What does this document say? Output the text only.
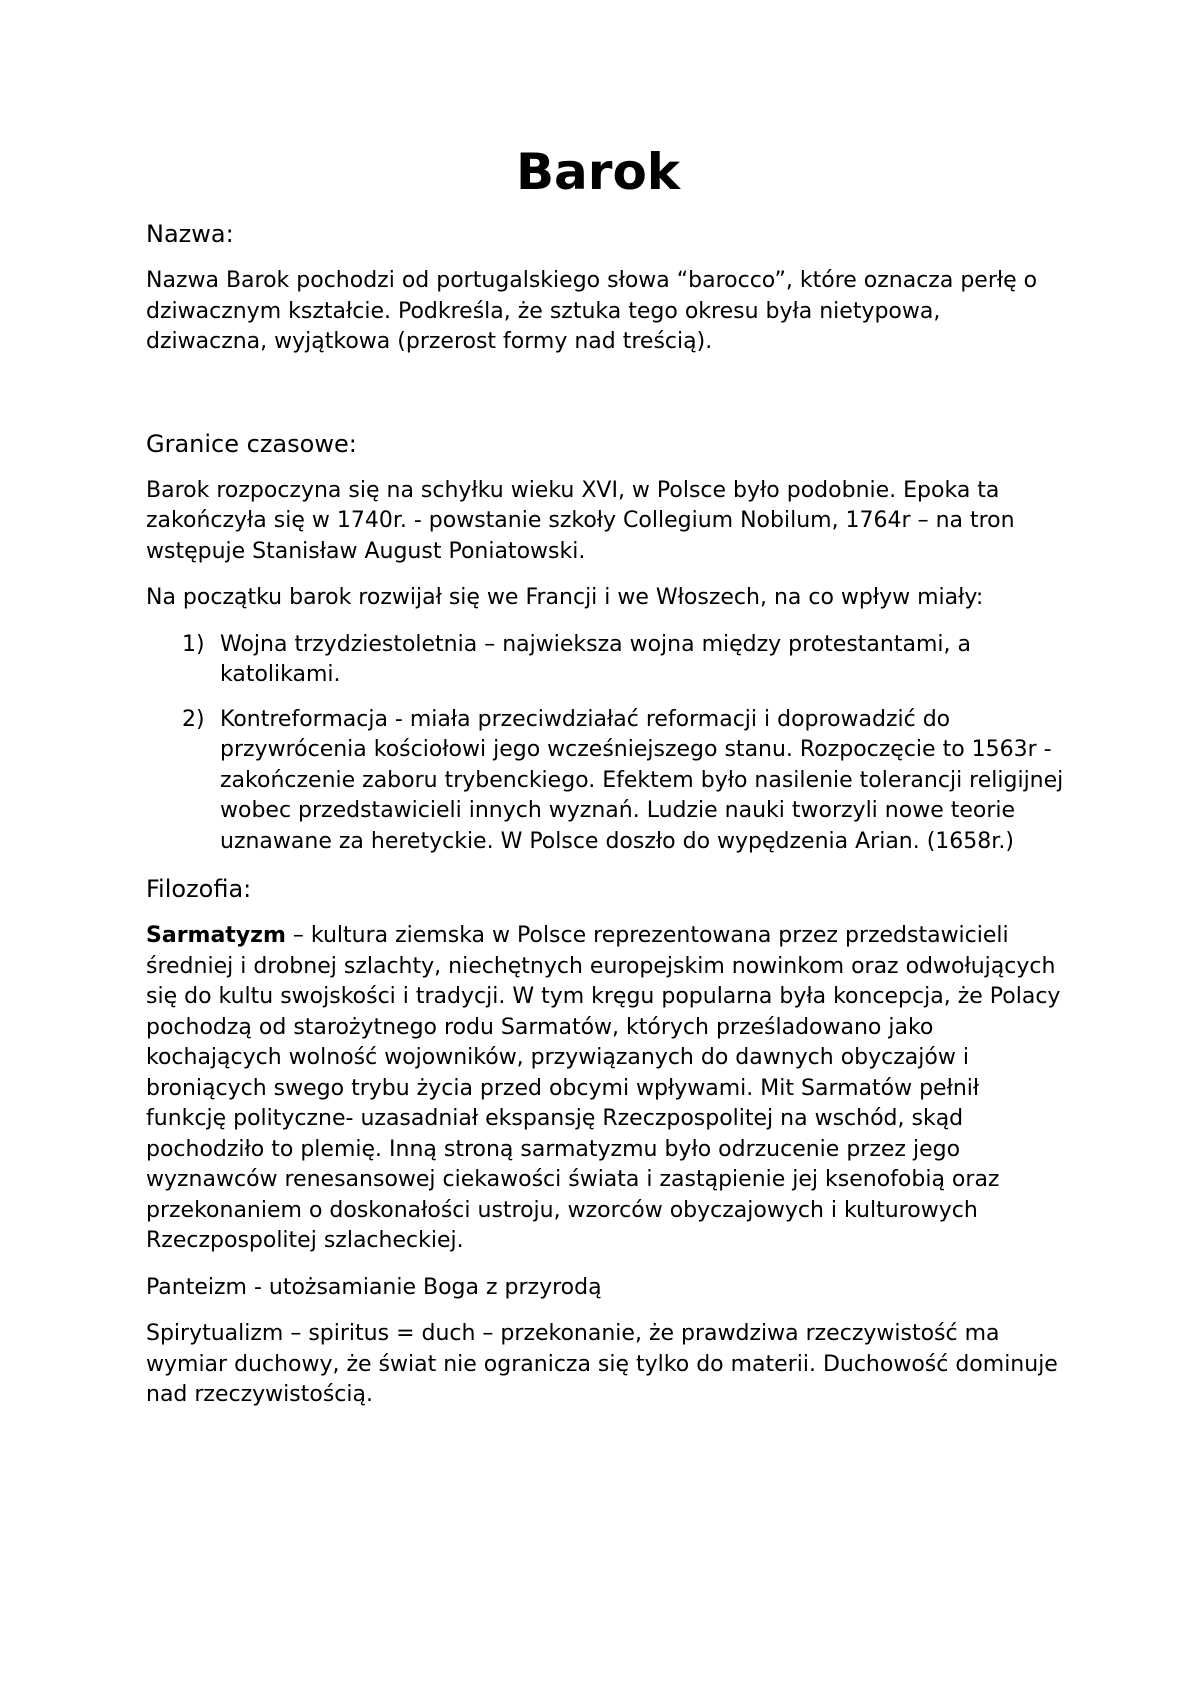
Barok
Nazwa:

Nazwa Barok pochodzi od portugalskiego słowa “barocco”, które oznacza perłę o dziwacznym kształcie. Podkreśla, że sztuka tego okresu była nietypowa, dziwaczna, wyjątkowa (przerost formy nad treścią).

Granice czasowe:

Barok rozpoczyna się na schyłku wieku XVI, w Polsce było podobnie. Epoka ta zakończyła się w 1740r. - powstanie szkoły Collegium Nobilum, 1764r – na tron wstępuje Stanisław August Poniatowski.

Na początku barok rozwijał się we Francji i we Włoszech, na co wpływ miały:

1) Wojna trzydziestoletnia – najwieksza wojna między protestantami, a katolikami.
2) Kontreformacja - miała przeciwdziałać reformacji i doprowadzić do przywrócenia kościołowi jego wcześniejszego stanu. Rozpoczęcie to 1563r - zakończenie zaboru trybenckiego. Efektem było nasilenie tolerancji religijnej wobec przedstawicieli innych wyznań. Ludzie nauki tworzyli nowe teorie uznawane za heretyckie. W Polsce doszło do wypędzenia Arian. (1658r.)
Filozofia:

Sarmatyzm – kultura ziemska w Polsce reprezentowana przez przedstawicieli średniej i drobnej szlachty, niechętnych europejskim nowinkom oraz odwołujących się do kultu swojskości i tradycji. W tym kręgu popularna była koncepcja, że Polacy pochodzą od starożytnego rodu Sarmatów, których prześladowano jako kochających wolność wojowników, przywiązanych do dawnych obyczajów i broniących swego trybu życia przed obcymi wpływami. Mit Sarmatów pełnił funkcję polityczne- uzasadniał ekspansję Rzeczpospolitej na wschód, skąd pochodziło to plemię. Inną stroną sarmatyzmu było odrzucenie przez jego wyznawców renesansowej ciekawości świata i zastąpienie jej ksenofobią oraz przekonaniem o doskonałości ustroju, wzorców obyczajowych i kulturowych Rzeczpospolitej szlacheckiej.

Panteizm - utożsamianie Boga z przyrodą

Spirytualizm – spiritus = duch – przekonanie, że prawdziwa rzeczywistość ma wymiar duchowy, że świat nie ogranicza się tylko do materii. Duchowość dominuje nad rzeczywistością.
